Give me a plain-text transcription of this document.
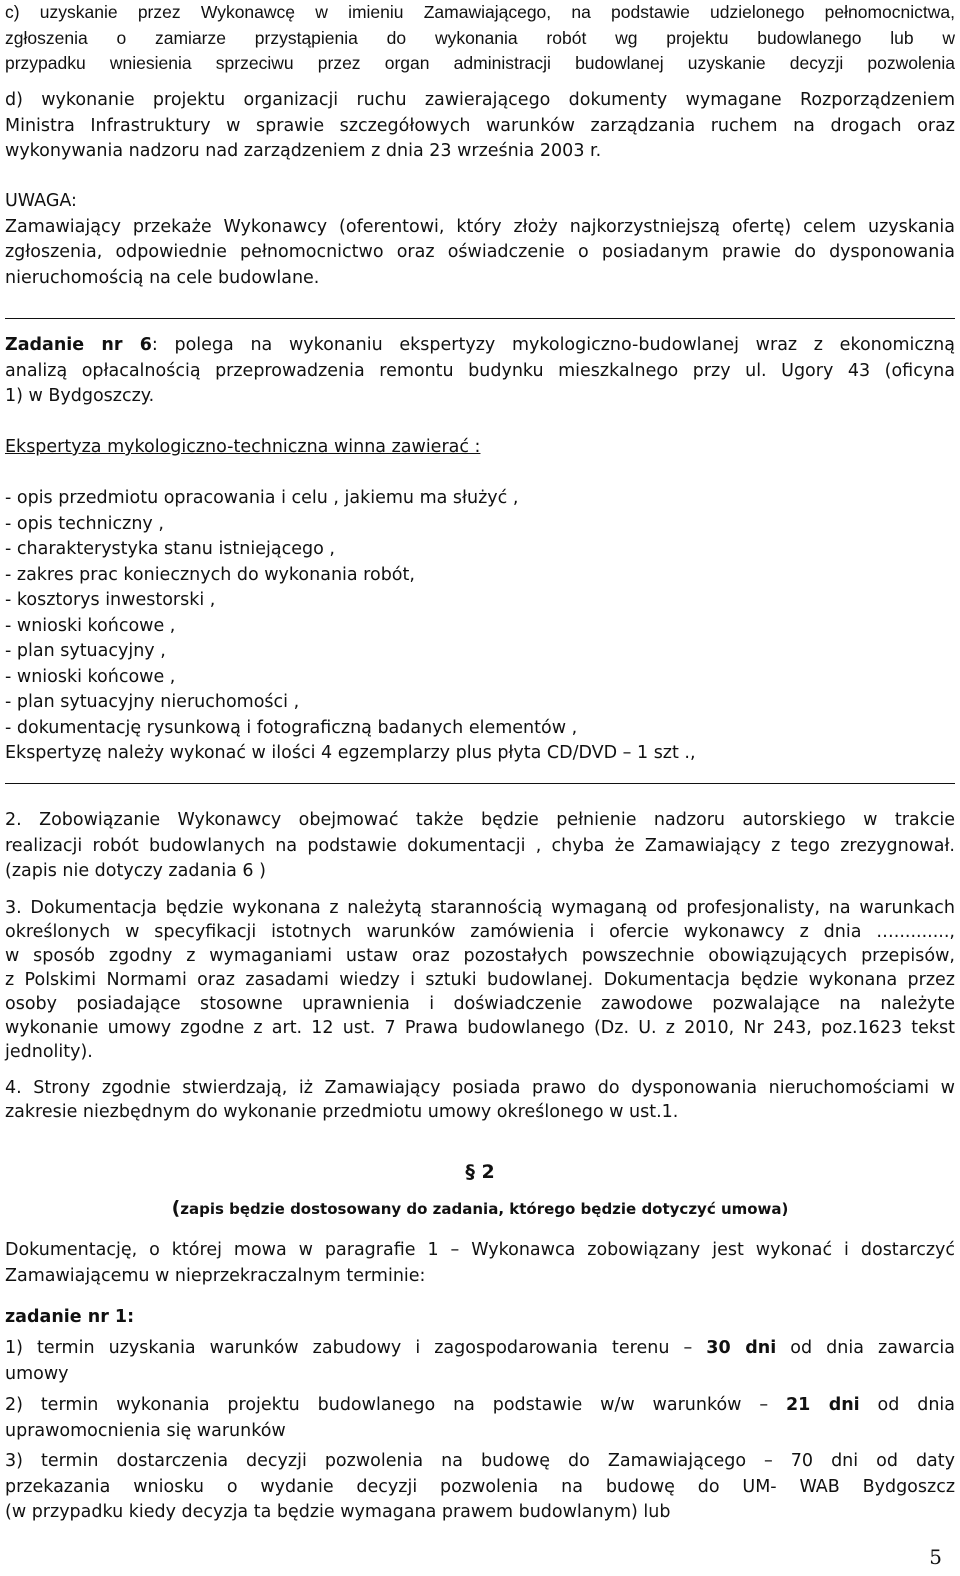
c) uzyskanie przez Wykonawcę w imieniu Zamawiającego, na podstawie udzielonego pełnomocnictwa,
zgłoszenia o zamiarze przystąpienia do wykonania robót wg projektu budowlanego lub w
przypadku wniesienia sprzeciwu przez organ administracji budowlanej uzyskanie decyzji pozwolenia
d) wykonanie projektu organizacji ruchu zawierającego dokumenty wymagane Rozporządzeniem
Ministra Infrastruktury w sprawie szczegółowych warunków zarządzania ruchem na drogach oraz
wykonywania nadzoru nad zarządzeniem z dnia 23 września 2003 r.
UWAGA:
Zamawiający przekaże Wykonawcy (oferentowi, który złoży najkorzystniejszą ofertę) celem uzyskania
zgłoszenia, odpowiednie pełnomocnictwo oraz oświadczenie o posiadanym prawie do dysponowania
nieruchomością na cele budowlane.
Zadanie nr 6: polega na wykonaniu ekspertyzy mykologiczno-budowlanej wraz z ekonomiczną
analizą opłacalnością przeprowadzenia remontu budynku mieszkalnego przy ul. Ugory 43 (oficyna
1) w Bydgoszczy.
Ekspertyza mykologiczno-techniczna winna zawierać :
- opis przedmiotu opracowania i celu , jakiemu ma służyć ,
- opis techniczny ,
- charakterystyka stanu istniejącego ,
- zakres prac koniecznych do wykonania robót,
- kosztorys inwestorski ,
- wnioski końcowe ,
- plan sytuacyjny ,
- wnioski końcowe ,
- plan sytuacyjny nieruchomości ,
- dokumentację rysunkową i fotograficzną badanych elementów ,
Ekspertyzę należy wykonać w ilości 4 egzemplarzy plus płyta CD/DVD – 1 szt .,
2. Zobowiązanie Wykonawcy obejmować także będzie pełnienie nadzoru autorskiego w trakcie
realizacji robót budowlanych na podstawie dokumentacji , chyba że Zamawiający z tego zrezygnował.
(zapis nie dotyczy zadania 6 )
3. Dokumentacja będzie wykonana z należytą starannością wymaganą od profesjonalisty, na warunkach
określonych w specyfikacji istotnych warunków zamówienia i ofercie wykonawcy z dnia …..........,
w sposób zgodny z wymaganiami ustaw oraz pozostałych powszechnie obowiązujących przepisów,
z Polskimi Normami oraz zasadami wiedzy i sztuki budowlanej. Dokumentacja będzie wykonana przez
osoby posiadające stosowne uprawnienia i doświadczenie zawodowe pozwalające na należyte
wykonanie umowy zgodne z art. 12 ust. 7 Prawa budowlanego (Dz. U. z 2010, Nr 243, poz.1623 tekst
jednolity).
4. Strony zgodnie stwierdzają, iż Zamawiający posiada prawo do dysponowania nieruchomościami w
zakresie niezbędnym do wykonanie przedmiotu umowy określonego w ust.1.
§ 2
(zapis będzie dostosowany do zadania, którego będzie dotyczyć umowa)
Dokumentację, o której mowa w paragrafie 1 – Wykonawca zobowiązany jest wykonać i dostarczyć
Zamawiającemu w nieprzekraczalnym terminie:
zadanie nr 1:
1) termin uzyskania warunków zabudowy i zagospodarowania terenu – 30 dni od dnia zawarcia
umowy
2) termin wykonania projektu budowlanego na podstawie w/w warunków – 21 dni od dnia
uprawomocnienia się warunków
3) termin dostarczenia decyzji pozwolenia na budowę do Zamawiającego – 70 dni od daty
przekazania wniosku o wydanie decyzji pozwolenia na budowę do UM- WAB Bydgoszcz
(w przypadku kiedy decyzja ta będzie wymagana prawem budowlanym) lub
5
